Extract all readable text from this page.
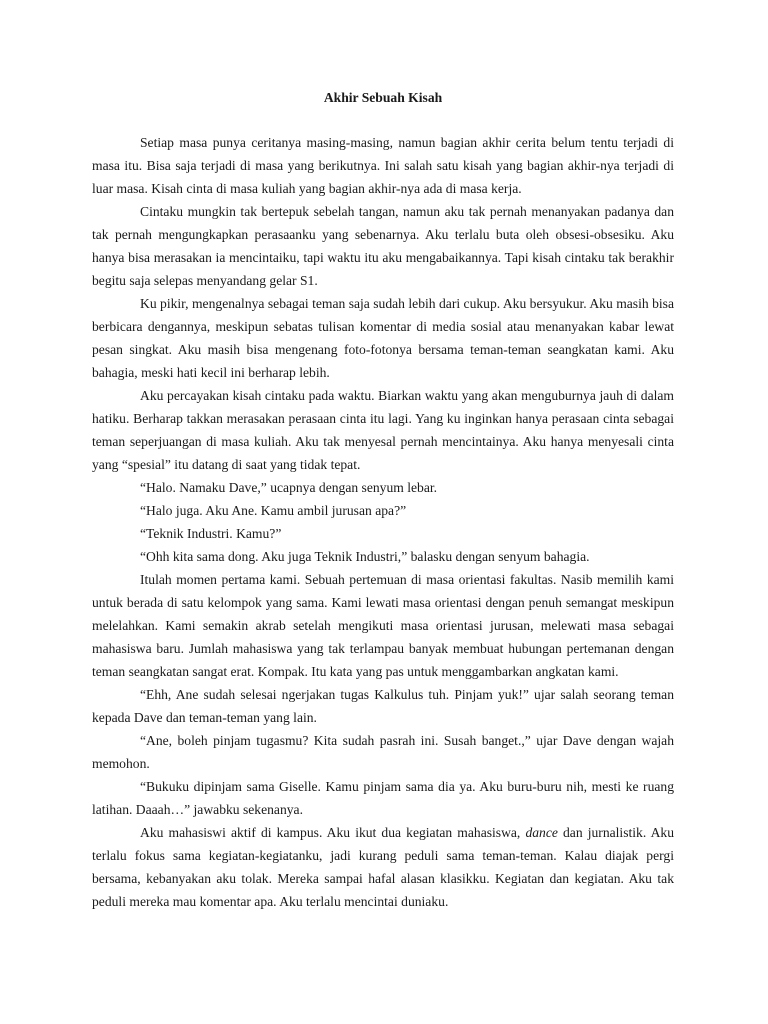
Akhir Sebuah Kisah

Setiap masa punya ceritanya masing-masing, namun bagian akhir cerita belum tentu terjadi di masa itu. Bisa saja terjadi di masa yang berikutnya. Ini salah satu kisah yang bagian akhir-nya terjadi di luar masa. Kisah cinta di masa kuliah yang bagian akhir-nya ada di masa kerja.

Cintaku mungkin tak bertepuk sebelah tangan, namun aku tak pernah menanyakan padanya dan tak pernah mengungkapkan perasaanku yang sebenarnya. Aku terlalu buta oleh obsesi-obsesiku. Aku hanya bisa merasakan ia mencintaiku, tapi waktu itu aku mengabaikannya. Tapi kisah cintaku tak berakhir begitu saja selepas menyandang gelar S1.

Ku pikir, mengenalnya sebagai teman saja sudah lebih dari cukup. Aku bersyukur. Aku masih bisa berbicara dengannya, meskipun sebatas tulisan komentar di media sosial atau menanyakan kabar lewat pesan singkat. Aku masih bisa mengenang foto-fotonya bersama teman-teman seangkatan kami. Aku bahagia, meski hati kecil ini berharap lebih.

Aku percayakan kisah cintaku pada waktu. Biarkan waktu yang akan menguburnya jauh di dalam hatiku. Berharap takkan merasakan perasaan cinta itu lagi. Yang ku inginkan hanya perasaan cinta sebagai teman seperjuangan di masa kuliah. Aku tak menyesal pernah mencintainya. Aku hanya menyesali cinta yang “spesial” itu datang di saat yang tidak tepat.

“Halo. Namaku Dave,” ucapnya dengan senyum lebar.

“Halo juga. Aku Ane. Kamu ambil jurusan apa?”

“Teknik Industri. Kamu?”

“Ohh kita sama dong. Aku juga Teknik Industri,” balasku dengan senyum bahagia.

Itulah momen pertama kami. Sebuah pertemuan di masa orientasi fakultas. Nasib memilih kami untuk berada di satu kelompok yang sama. Kami lewati masa orientasi dengan penuh semangat meskipun melelahkan. Kami semakin akrab setelah mengikuti masa orientasi jurusan, melewati masa sebagai mahasiswa baru. Jumlah mahasiswa yang tak terlampau banyak membuat hubungan pertemanan dengan teman seangkatan sangat erat. Kompak. Itu kata yang pas untuk menggambarkan angkatan kami.

“Ehh, Ane sudah selesai ngerjakan tugas Kalkulus tuh. Pinjam yuk!” ujar salah seorang teman kepada Dave dan teman-teman yang lain.

“Ane, boleh pinjam tugasmu? Kita sudah pasrah ini. Susah banget.,” ujar Dave dengan wajah memohon.

“Bukuku dipinjam sama Giselle. Kamu pinjam sama dia ya. Aku buru-buru nih, mesti ke ruang latihan. Daaah…” jawabku sekenanya.

Aku mahasiswi aktif di kampus. Aku ikut dua kegiatan mahasiswa, dance dan jurnalistik. Aku terlalu fokus sama kegiatan-kegiatanku, jadi kurang peduli sama teman-teman. Kalau diajak pergi bersama, kebanyakan aku tolak. Mereka sampai hafal alasan klasikku. Kegiatan dan kegiatan. Aku tak peduli mereka mau komentar apa. Aku terlalu mencintai duniaku.
